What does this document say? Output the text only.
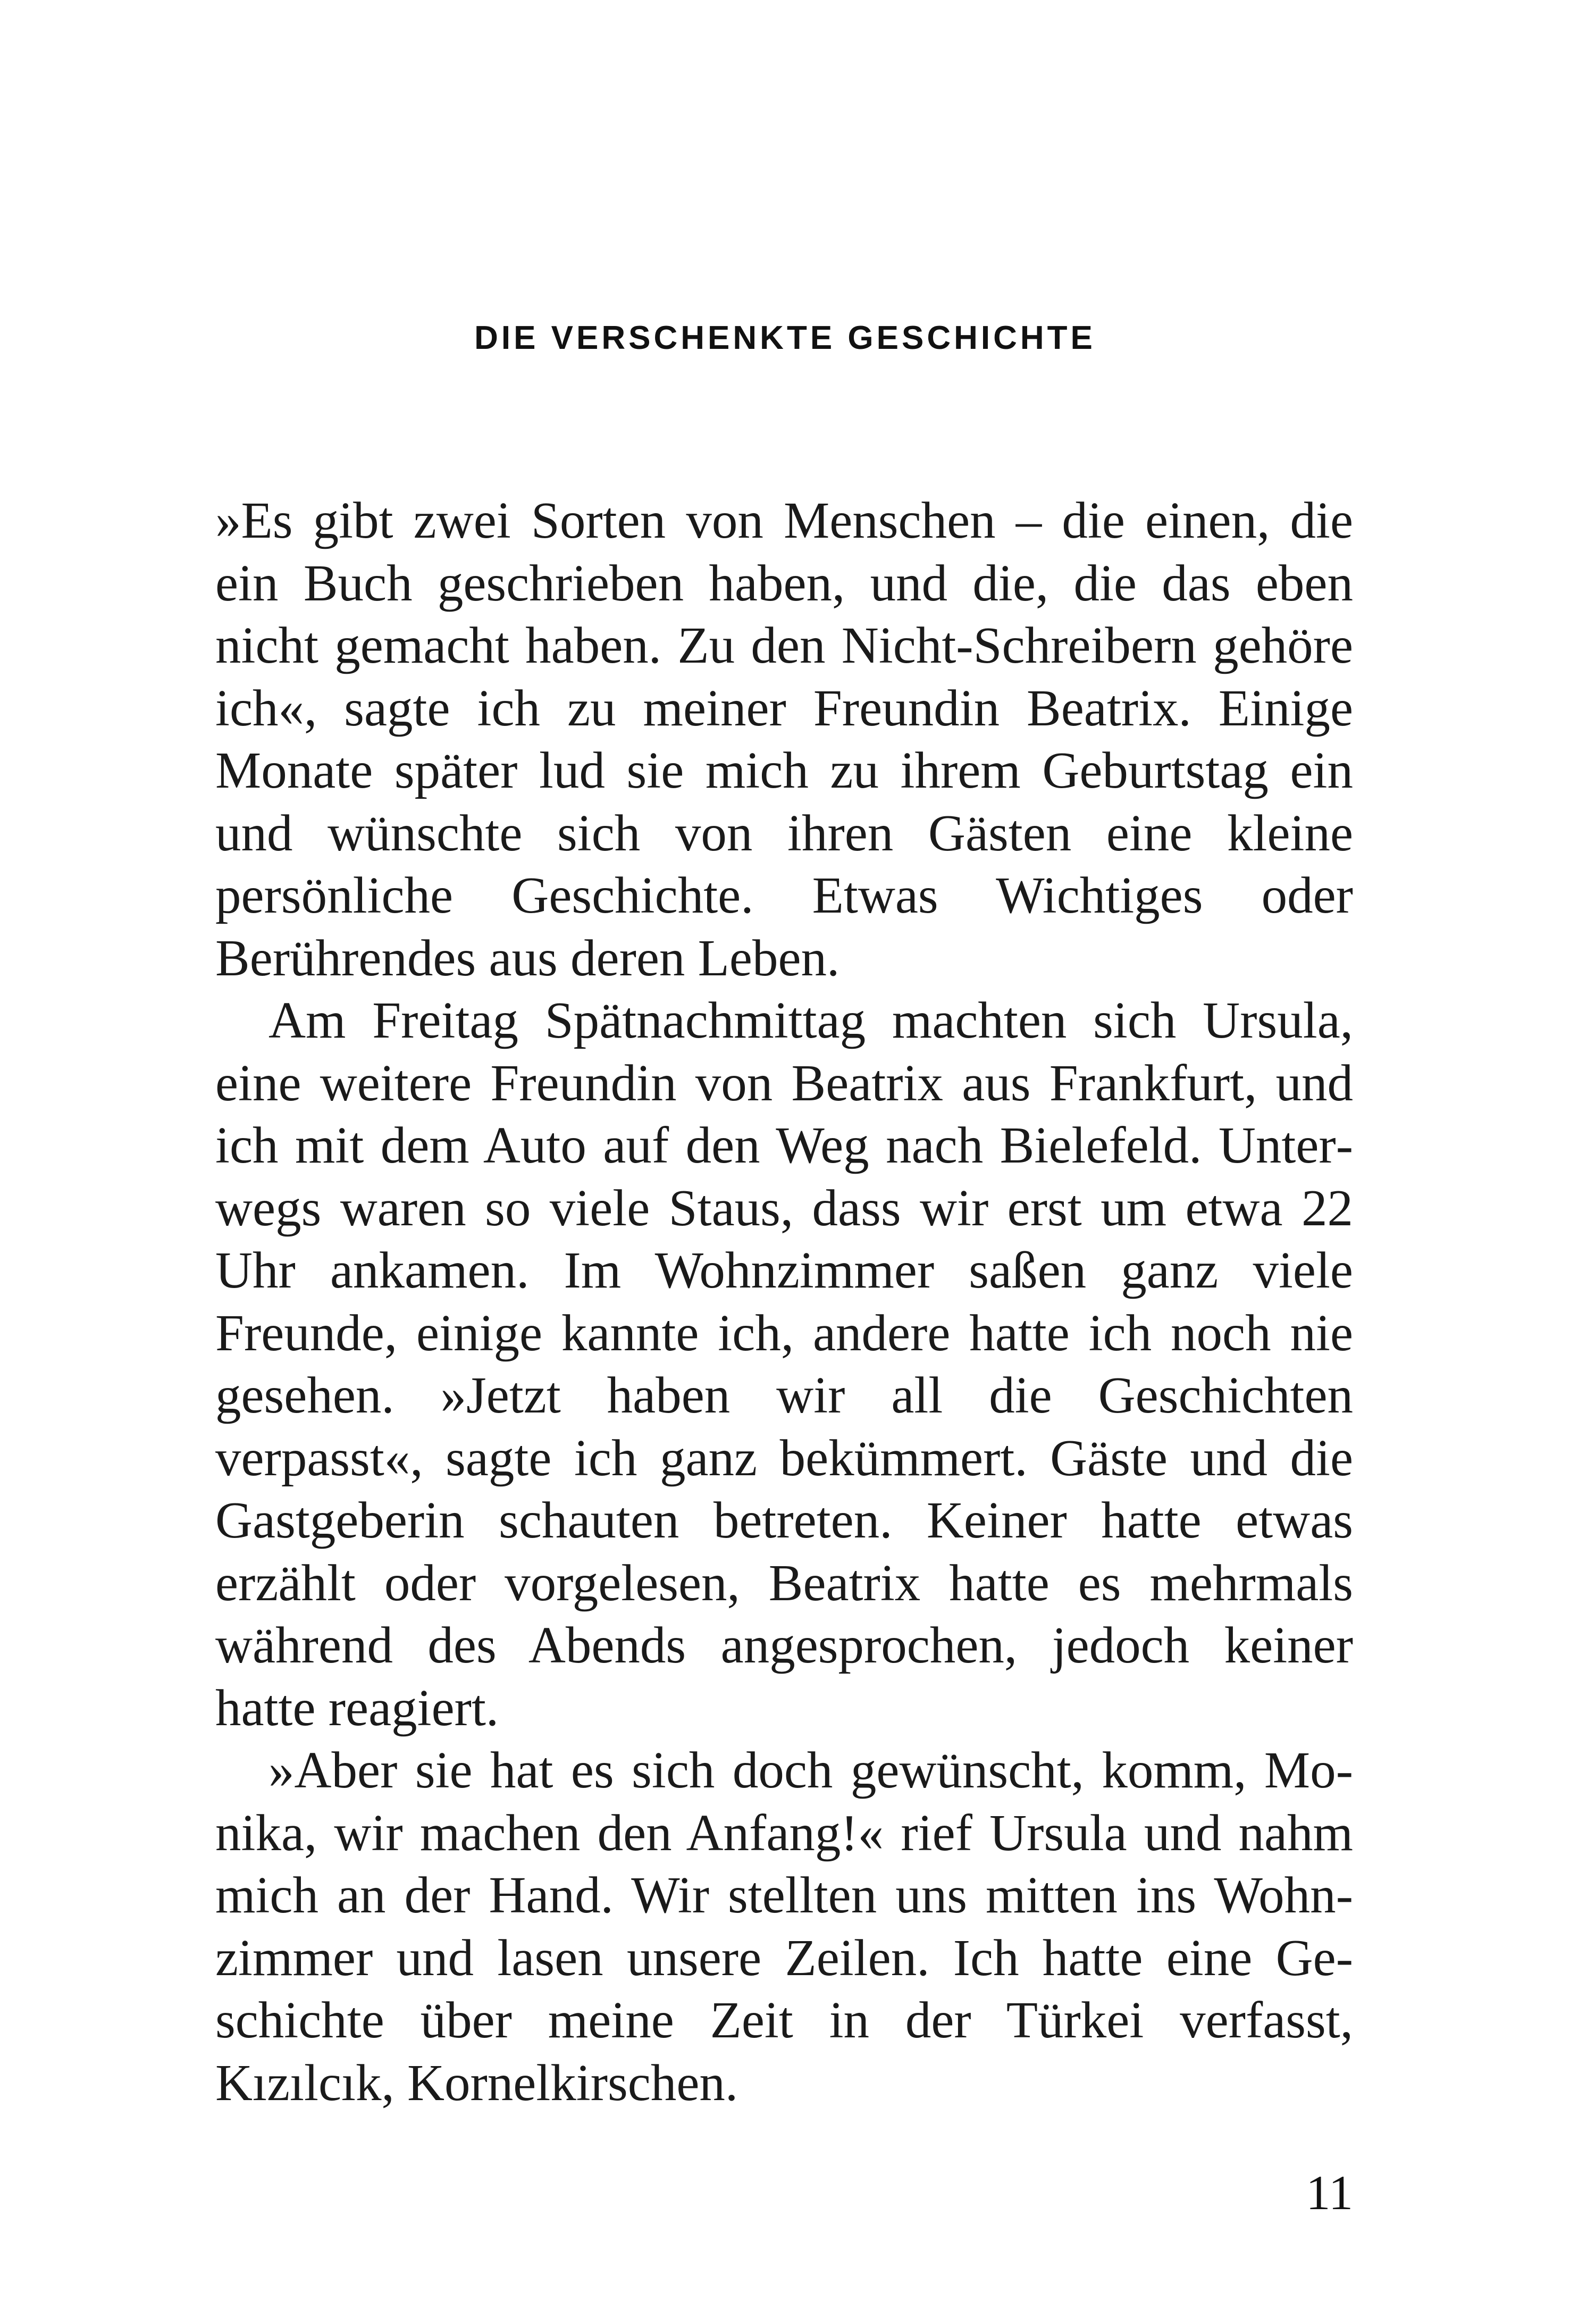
DIE VERSCHENKTE GESCHICHTE

»Es gibt zwei Sorten von Menschen – die einen, die ein Buch geschrieben haben, und die, die das eben nicht gemacht haben. Zu den Nicht-Schreibern gehöre ich«, sagte ich zu meiner Freundin Beatrix. Einige Monate später lud sie mich zu ihrem Geburtstag ein und wünschte sich von ihren Gästen eine kleine persönliche Geschichte. Etwas Wichtiges oder Berührendes aus deren Leben.

Am Freitag Spätnachmittag machten sich Ursula, eine weitere Freundin von Beatrix aus Frankfurt, und ich mit dem Auto auf den Weg nach Bielefeld. Unterwegs waren so viele Staus, dass wir erst um etwa 22 Uhr ankamen. Im Wohnzimmer saßen ganz viele Freunde, einige kannte ich, andere hatte ich noch nie gesehen. »Jetzt haben wir all die Geschichten verpasst«, sagte ich ganz bekümmert. Gäste und die Gastgeberin schauten betreten. Keiner hatte etwas erzählt oder vorgelesen, Beatrix hatte es mehrmals während des Abends angesprochen, jedoch keiner hatte reagiert.

»Aber sie hat es sich doch gewünscht, komm, Monika, wir machen den Anfang!« rief Ursula und nahm mich an der Hand. Wir stellten uns mitten ins Wohnzimmer und lasen unsere Zeilen. Ich hatte eine Geschichte über meine Zeit in der Türkei verfasst, Kızılcık, Kornelkirschen.

11
